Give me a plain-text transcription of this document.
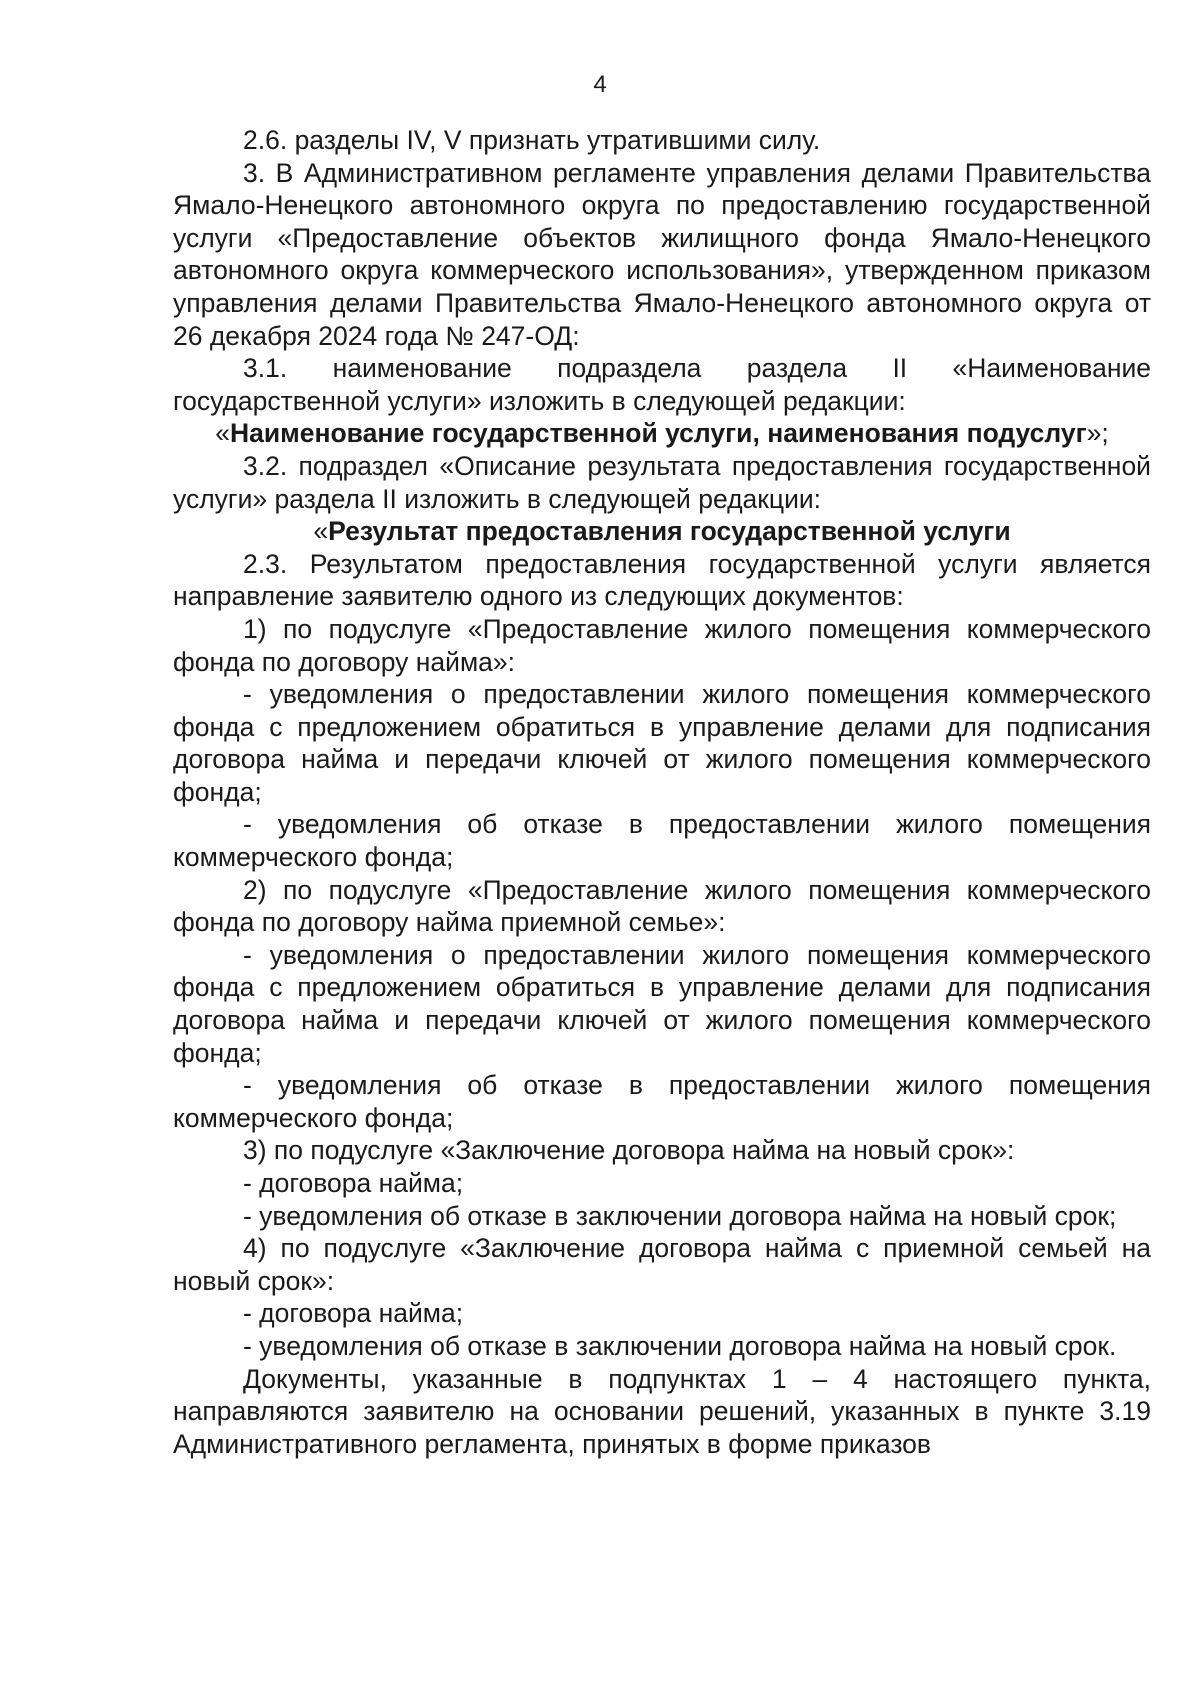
4

2.6. разделы IV, V признать утратившими силу.

3. В Административном регламенте управления делами Правительства Ямало-Ненецкого автономного округа по предоставлению государственной услуги «Предоставление объектов жилищного фонда Ямало-Ненецкого автономного округа коммерческого использования», утвержденном приказом управления делами Правительства Ямало-Ненецкого автономного округа от 26 декабря 2024 года № 247-ОД:

3.1. наименование подраздела раздела II «Наименование государственной услуги» изложить в следующей редакции:

«Наименование государственной услуги, наименования подуслуг»;

3.2. подраздел «Описание результата предоставления государственной услуги» раздела II изложить в следующей редакции:

«Результат предоставления государственной услуги

2.3. Результатом предоставления государственной услуги является направление заявителю одного из следующих документов:

1) по подуслуге «Предоставление жилого помещения коммерческого фонда по договору найма»:

- уведомления о предоставлении жилого помещения коммерческого фонда с предложением обратиться в управление делами для подписания договора найма и передачи ключей от жилого помещения коммерческого фонда;

- уведомления об отказе в предоставлении жилого помещения коммерческого фонда;

2) по подуслуге «Предоставление жилого помещения коммерческого фонда по договору найма приемной семье»:

- уведомления о предоставлении жилого помещения коммерческого фонда с предложением обратиться в управление делами для подписания договора найма и передачи ключей от жилого помещения коммерческого фонда;

- уведомления об отказе в предоставлении жилого помещения коммерческого фонда;

3) по подуслуге «Заключение договора найма на новый срок»:

- договора найма;

- уведомления об отказе в заключении договора найма на новый срок;

4) по подуслуге «Заключение договора найма с приемной семьей на новый срок»:

- договора найма;

- уведомления об отказе в заключении договора найма на новый срок.

Документы, указанные в подпунктах 1 – 4 настоящего пункта, направляются заявителю на основании решений, указанных в пункте 3.19 Административного регламента, принятых в форме приказов
